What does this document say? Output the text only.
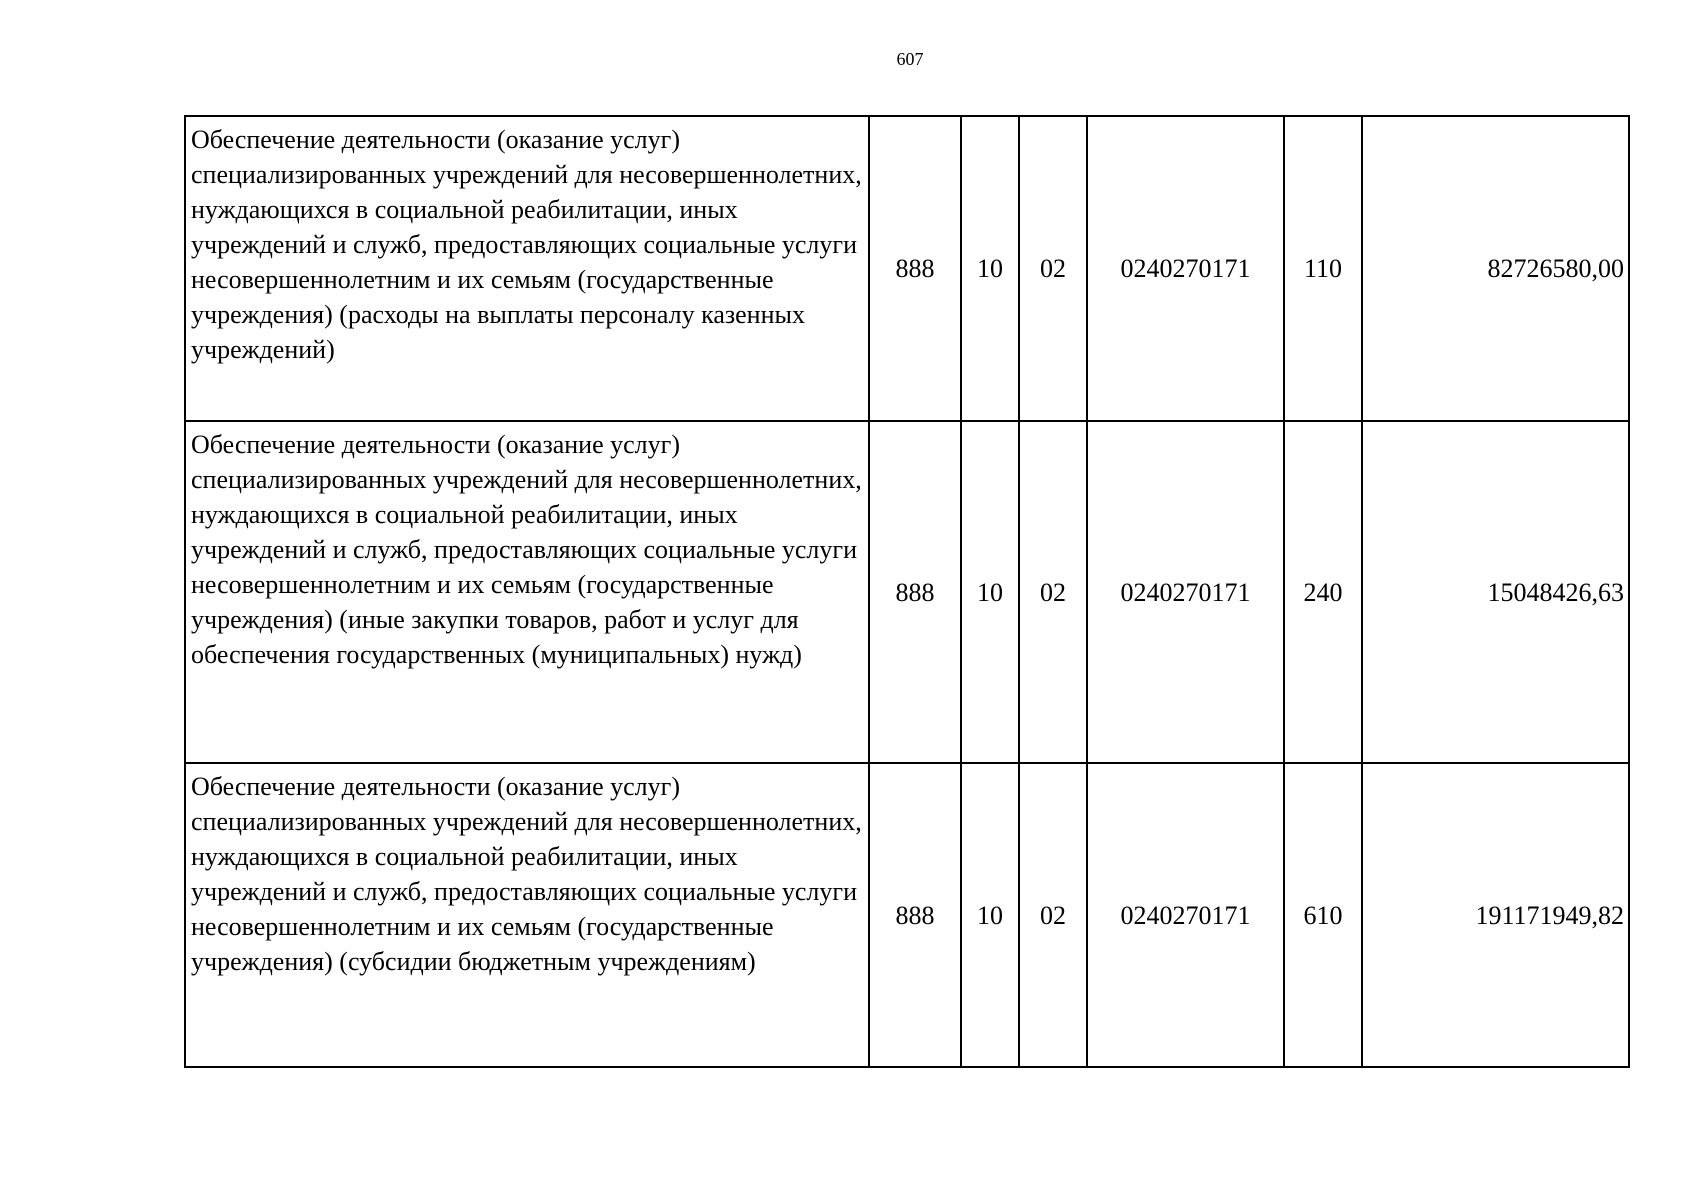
607
Обеспечение деятельности (оказание услуг) специализированных учреждений для несовершеннолетних, нуждающихся в социальной реабилитации, иных учреждений и служб, предоставляющих социальные услуги несовершеннолетним и их семьям (государственные учреждения) (расходы на выплаты персоналу казенных учреждений)	888	10	02	0240270171	110	82726580,00
Обеспечение деятельности (оказание услуг) специализированных учреждений для несовершеннолетних, нуждающихся в социальной реабилитации, иных учреждений и служб, предоставляющих социальные услуги несовершеннолетним и их семьям (государственные учреждения) (иные закупки товаров, работ и услуг для обеспечения государственных (муниципальных) нужд)	888	10	02	0240270171	240	15048426,63
Обеспечение деятельности (оказание услуг) специализированных учреждений для несовершеннолетних, нуждающихся в социальной реабилитации, иных учреждений и служб, предоставляющих социальные услуги несовершеннолетним и их семьям (государственные учреждения) (субсидии бюджетным учреждениям)	888	10	02	0240270171	610	191171949,82
